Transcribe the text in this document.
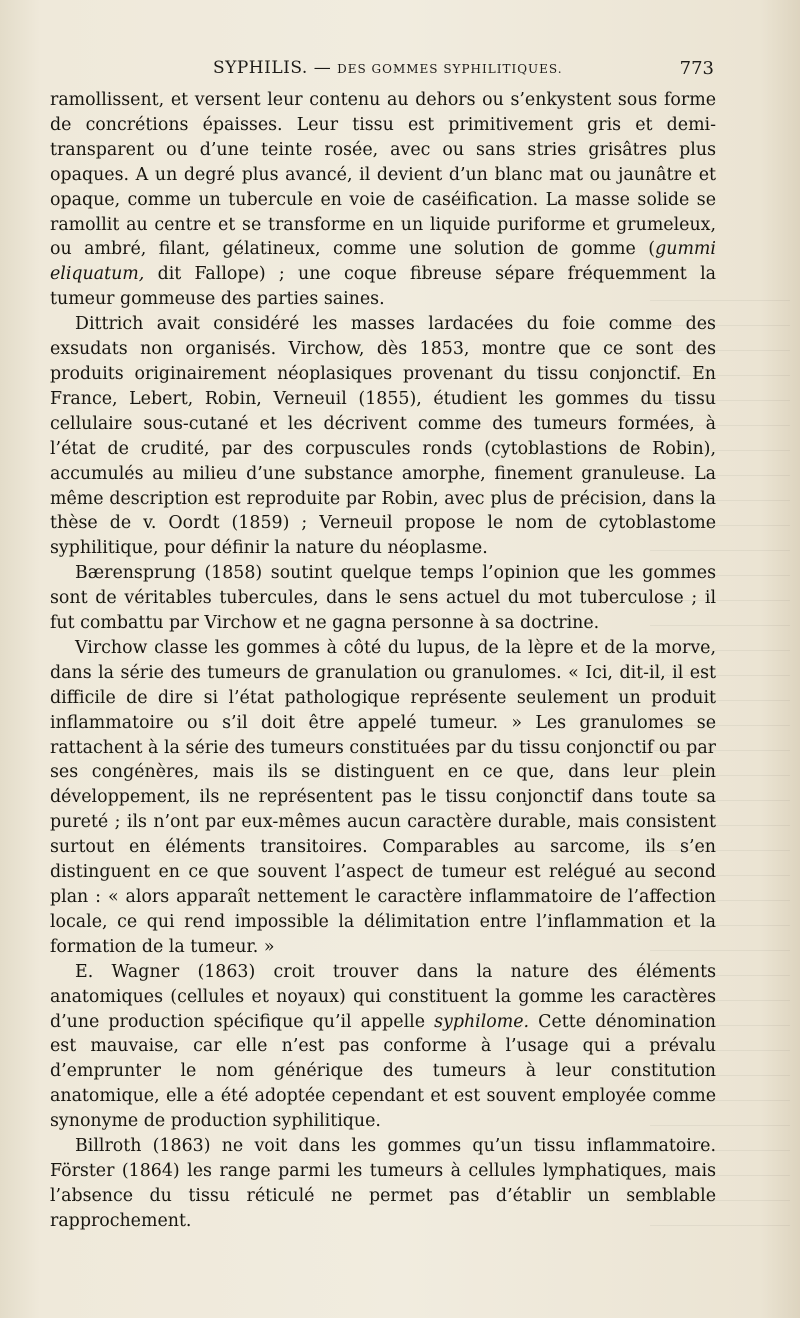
SYPHILIS. — DES GOMMES SYPHILITIQUES.	773

ramollissent, et versent leur contenu au dehors ou s’enkystent sous forme de concrétions épaisses. Leur tissu est primitivement gris et demi-transparent ou d’une teinte rosée, avec ou sans stries grisâtres plus opaques. A un degré plus avancé, il devient d’un blanc mat ou jaunâtre et opaque, comme un tubercule en voie de caséification. La masse solide se ramollit au centre et se transforme en un liquide puriforme et grumeleux, ou ambré, filant, gélatineux, comme une solution de gomme (gummi eliquatum, dit Fallope) ; une coque fibreuse sépare fréquemment la tumeur gommeuse des parties saines.

Dittrich avait considéré les masses lardacées du foie comme des exsudats non organisés. Virchow, dès 1853, montre que ce sont des produits originairement néoplasiques provenant du tissu conjonctif. En France, Lebert, Robin, Verneuil (1855), étudient les gommes du tissu cellulaire sous-cutané et les décrivent comme des tumeurs formées, à l’état de crudité, par des corpuscules ronds (cytoblastions de Robin), accumulés au milieu d’une substance amorphe, finement granuleuse. La même description est reproduite par Robin, avec plus de précision, dans la thèse de v. Oordt (1859) ; Verneuil propose le nom de cytoblastome syphilitique, pour définir la nature du néoplasme.

Bærensprung (1858) soutint quelque temps l’opinion que les gommes sont de véritables tubercules, dans le sens actuel du mot tuberculose ; il fut combattu par Virchow et ne gagna personne à sa doctrine.

Virchow classe les gommes à côté du lupus, de la lèpre et de la morve, dans la série des tumeurs de granulation ou granulomes. « Ici, dit-il, il est difficile de dire si l’état pathologique représente seulement un produit inflammatoire ou s’il doit être appelé tumeur. » Les granulomes se rattachent à la série des tumeurs constituées par du tissu conjonctif ou par ses congénères, mais ils se distinguent en ce que, dans leur plein développement, ils ne représentent pas le tissu conjonctif dans toute sa pureté ; ils n’ont par eux-mêmes aucun caractère durable, mais consistent surtout en éléments transitoires. Comparables au sarcome, ils s’en distinguent en ce que souvent l’aspect de tumeur est relégué au second plan : « alors apparaît nettement le caractère inflammatoire de l’affection locale, ce qui rend impossible la délimitation entre l’inflammation et la formation de la tumeur. »

E. Wagner (1863) croit trouver dans la nature des éléments anatomiques (cellules et noyaux) qui constituent la gomme les caractères d’une production spécifique qu’il appelle syphilome. Cette dénomination est mauvaise, car elle n’est pas conforme à l’usage qui a prévalu d’emprunter le nom générique des tumeurs à leur constitution anatomique, elle a été adoptée cependant et est souvent employée comme synonyme de production syphilitique.

Billroth (1863) ne voit dans les gommes qu’un tissu inflammatoire. Förster (1864) les range parmi les tumeurs à cellules lymphatiques, mais l’absence du tissu réticulé ne permet pas d’établir un semblable rapprochement.
